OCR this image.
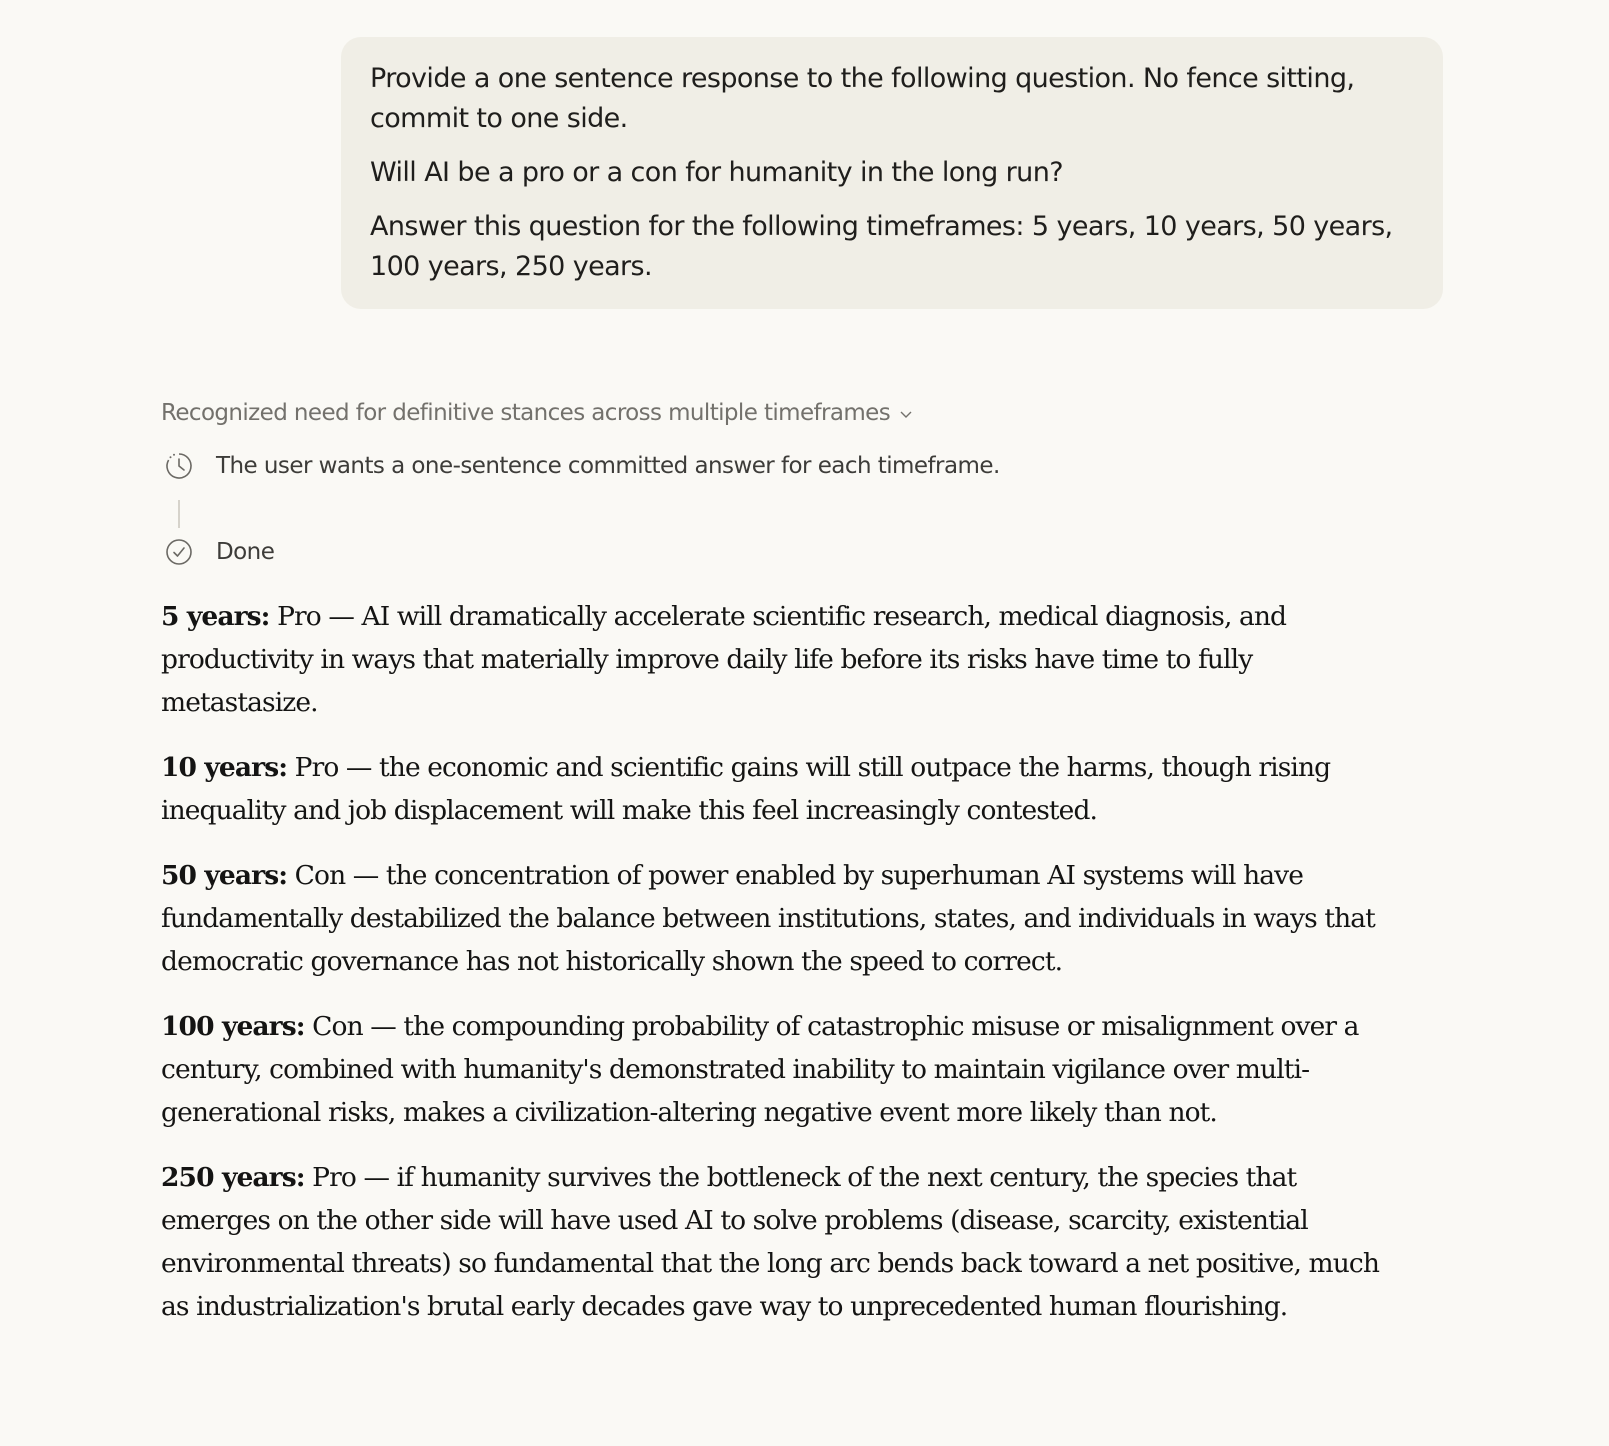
Provide a one sentence response to the following question. No fence sitting, commit to one side.

Will AI be a pro or a con for humanity in the long run?

Answer this question for the following timeframes: 5 years, 10 years, 50 years, 100 years, 250 years.

Recognized need for definitive stances across multiple timeframes
The user wants a one-sentence committed answer for each timeframe.
Done

5 years: Pro — AI will dramatically accelerate scientific research, medical diagnosis, and productivity in ways that materially improve daily life before its risks have time to fully metastasize.

10 years: Pro — the economic and scientific gains will still outpace the harms, though rising inequality and job displacement will make this feel increasingly contested.

50 years: Con — the concentration of power enabled by superhuman AI systems will have fundamentally destabilized the balance between institutions, states, and individuals in ways that democratic governance has not historically shown the speed to correct.

100 years: Con — the compounding probability of catastrophic misuse or misalignment over a century, combined with humanity's demonstrated inability to maintain vigilance over multi-generational risks, makes a civilization-altering negative event more likely than not.

250 years: Pro — if humanity survives the bottleneck of the next century, the species that emerges on the other side will have used AI to solve problems (disease, scarcity, existential environmental threats) so fundamental that the long arc bends back toward a net positive, much as industrialization's brutal early decades gave way to unprecedented human flourishing.
